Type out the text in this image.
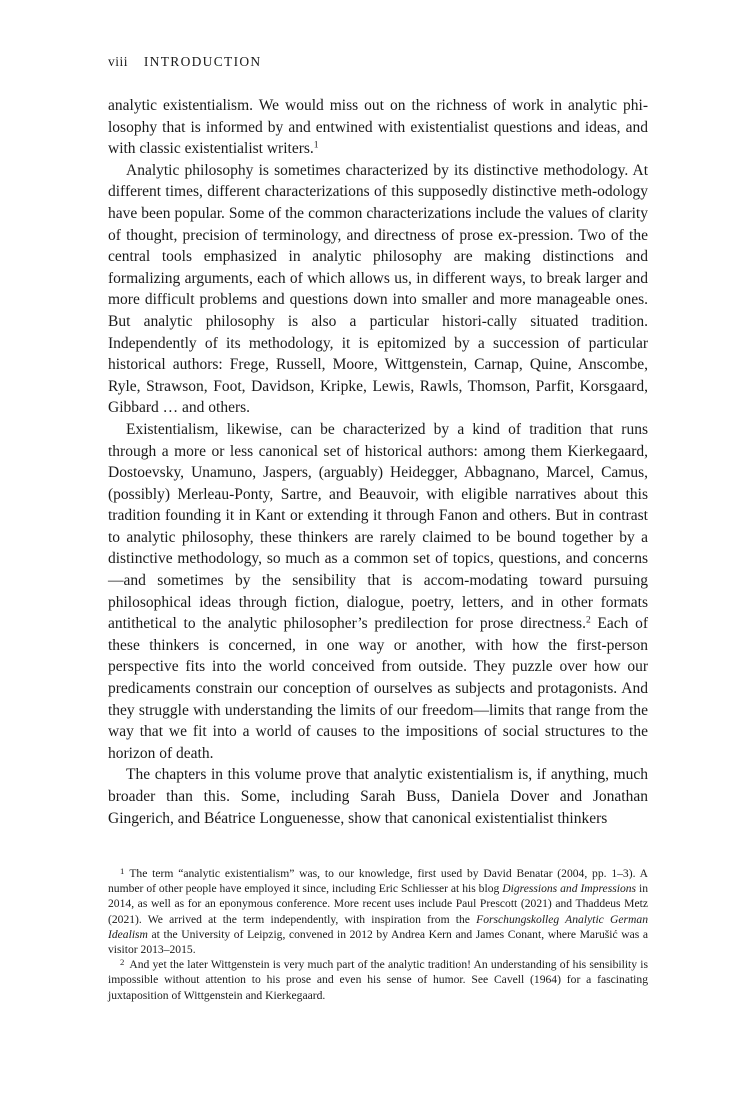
viii INTRODUCTION

analytic existentialism. We would miss out on the richness of work in analytic phi-losophy that is informed by and entwined with existentialist questions and ideas, and with classic existentialist writers.$^1$

Analytic philosophy is sometimes characterized by its distinctive methodology. At different times, different characterizations of this supposedly distinctive meth-odology have been popular. Some of the common characterizations include the values of clarity of thought, precision of terminology, and directness of prose ex-pression. Two of the central tools emphasized in analytic philosophy are making distinctions and formalizing arguments, each of which allows us, in different ways, to break larger and more difficult problems and questions down into smaller and more manageable ones. But analytic philosophy is also a particular histori-cally situated tradition. Independently of its methodology, it is epitomized by a succession of particular historical authors: Frege, Russell, Moore, Wittgenstein, Carnap, Quine, Anscombe, Ryle, Strawson, Foot, Davidson, Kripke, Lewis, Rawls, Thomson, Parfit, Korsgaard, Gibbard … and others.

Existentialism, likewise, can be characterized by a kind of tradition that runs through a more or less canonical set of historical authors: among them Kierkegaard, Dostoevsky, Unamuno, Jaspers, (arguably) Heidegger, Abbagnano, Marcel, Camus, (possibly) Merleau-Ponty, Sartre, and Beauvoir, with eligible narratives about this tradition founding it in Kant or extending it through Fanon and others. But in contrast to analytic philosophy, these thinkers are rarely claimed to be bound together by a distinctive methodology, so much as a common set of topics, questions, and concerns—and sometimes by the sensibility that is accom-modating toward pursuing philosophical ideas through fiction, dialogue, poetry, letters, and in other formats antithetical to the analytic philosopher’s predilection for prose directness.$^2$ Each of these thinkers is concerned, in one way or another, with how the first-person perspective fits into the world conceived from outside. They puzzle over how our predicaments constrain our conception of ourselves as subjects and protagonists. And they struggle with understanding the limits of our freedom—limits that range from the way that we fit into a world of causes to the impositions of social structures to the horizon of death.

The chapters in this volume prove that analytic existentialism is, if anything, much broader than this. Some, including Sarah Buss, Daniela Dover and Jonathan Gingerich, and Béatrice Longuenesse, show that canonical existentialist thinkers

$^1$ The term “analytic existentialism” was, to our knowledge, first used by David Benatar (2004, pp. 1–3). A number of other people have employed it since, including Eric Schliesser at his blog Digressions and Impressions in 2014, as well as for an eponymous conference. More recent uses include Paul Prescott (2021) and Thaddeus Metz (2021). We arrived at the term independently, with inspiration from the Forschungskolleg Analytic German Idealism at the University of Leipzig, convened in 2012 by Andrea Kern and James Conant, where Marušić was a visitor 2013–2015.

$^2$ And yet the later Wittgenstein is very much part of the analytic tradition! An understanding of his sensibility is impossible without attention to his prose and even his sense of humor. See Cavell (1964) for a fascinating juxtaposition of Wittgenstein and Kierkegaard.
